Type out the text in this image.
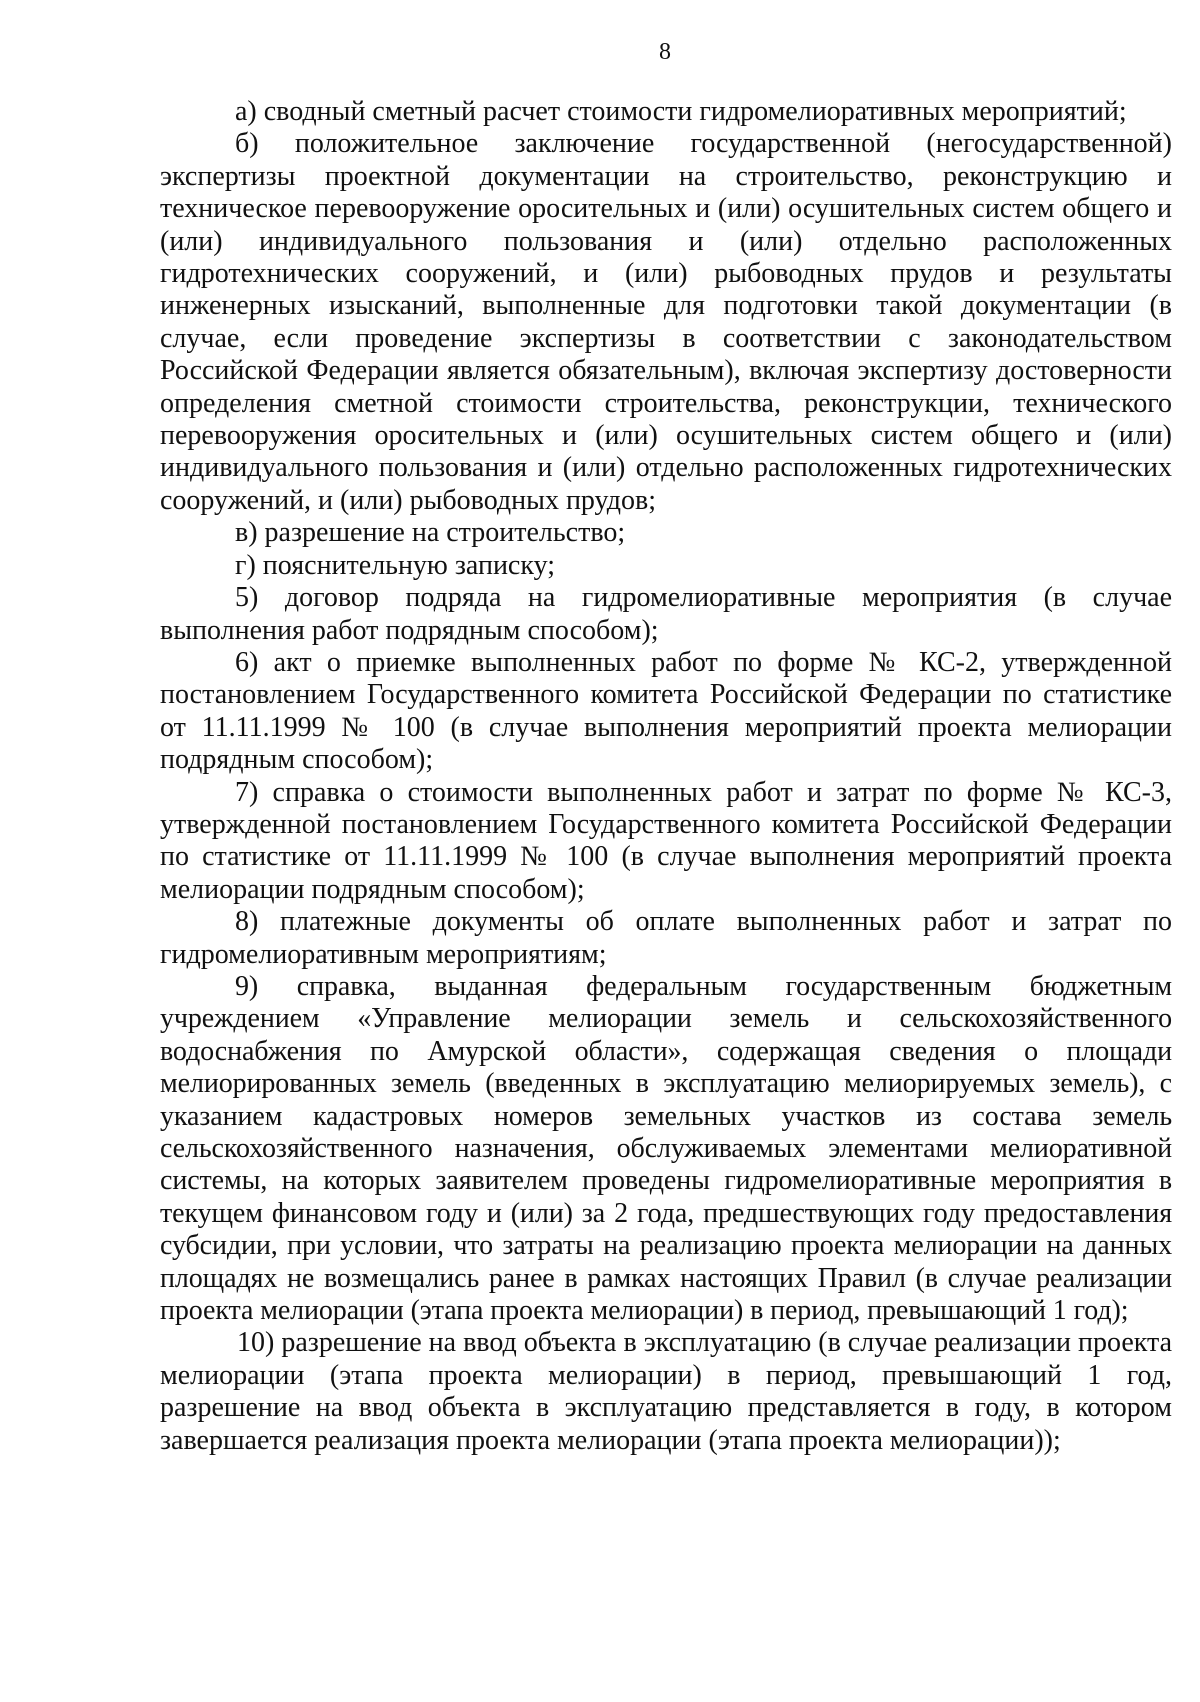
8

а) сводный сметный расчет стоимости гидромелиоративных мероприятий;

б) положительное заключение государственной (негосударственной) экспертизы проектной документации на строительство, реконструкцию и техническое перевооружение оросительных и (или) осушительных систем общего и (или) индивидуального пользования и (или) отдельно расположенных гидротехнических сооружений, и (или) рыбоводных прудов и результаты инженерных изысканий, выполненные для подготовки такой документации (в случае, если проведение экспертизы в соответствии с законодательством Российской Федерации является обязательным), включая экспертизу достоверности определения сметной стоимости строительства, реконструкции, технического перевооружения оросительных и (или) осушительных систем общего и (или) индивидуального пользования и (или) отдельно расположенных гидротехнических сооружений, и (или) рыбоводных прудов;

в) разрешение на строительство;

г) пояснительную записку;

5) договор подряда на гидромелиоративные мероприятия (в случае выполнения работ подрядным способом);

6) акт о приемке выполненных работ по форме № КС-2, утвержденной постановлением Государственного комитета Российской Федерации по статистике от 11.11.1999 № 100 (в случае выполнения мероприятий проекта мелиорации подрядным способом);

7) справка о стоимости выполненных работ и затрат по форме № КС-3, утвержденной постановлением Государственного комитета Российской Федерации по статистике от 11.11.1999 № 100 (в случае выполнения мероприятий проекта мелиорации подрядным способом);

8) платежные документы об оплате выполненных работ и затрат по гидромелиоративным мероприятиям;

9) справка, выданная федеральным государственным бюджетным учреждением «Управление мелиорации земель и сельскохозяйственного водоснабжения по Амурской области», содержащая сведения о площади мелиорированных земель (введенных в эксплуатацию мелиорируемых земель), с указанием кадастровых номеров земельных участков из состава земель сельскохозяйственного назначения, обслуживаемых элементами мелиоративной системы, на которых заявителем проведены гидромелиоративные мероприятия в текущем финансовом году и (или) за 2 года, предшествующих году предоставления субсидии, при условии, что затраты на реализацию проекта мелиорации на данных площадях не возмещались ранее в рамках настоящих Правил (в случае реализации проекта мелиорации (этапа проекта мелиорации) в период, превышающий 1 год);

10) разрешение на ввод объекта в эксплуатацию (в случае реализации проекта мелиорации (этапа проекта мелиорации) в период, превышающий 1 год, разрешение на ввод объекта в эксплуатацию представляется в году, в котором завершается реализация проекта мелиорации (этапа проекта мелиорации));
